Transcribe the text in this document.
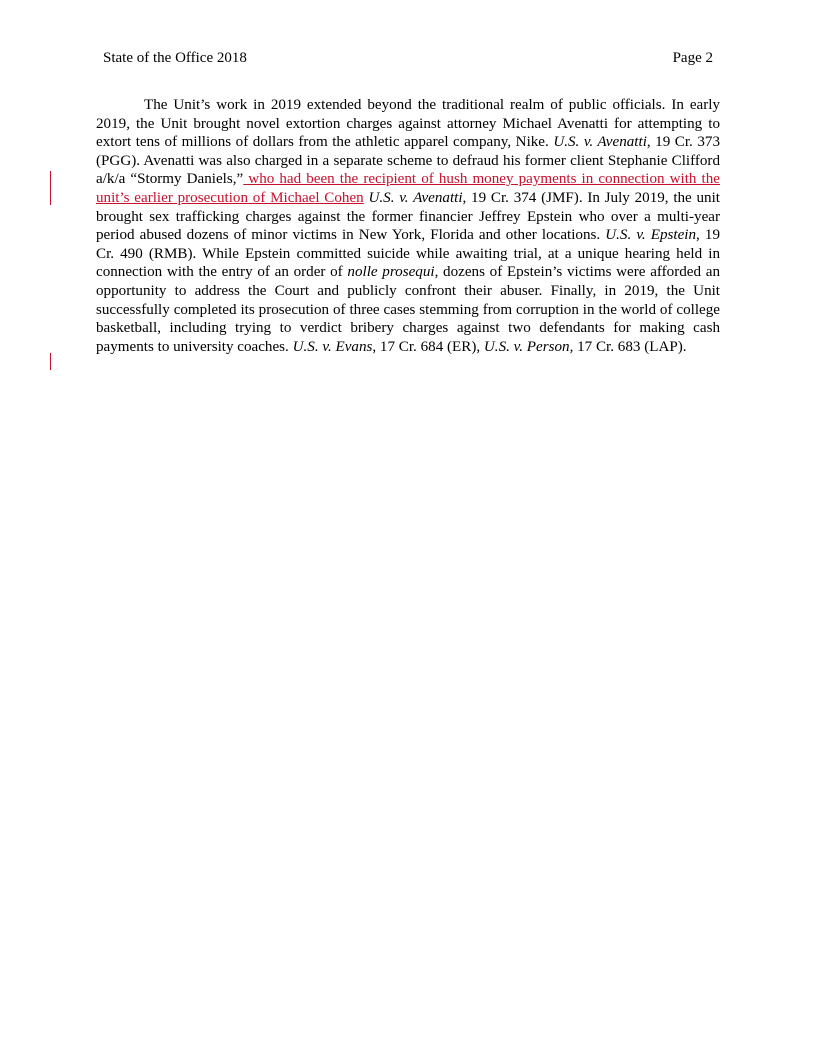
State of the Office 2018	Page 2

The Unit’s work in 2019 extended beyond the traditional realm of public officials. In early 2019, the Unit brought novel extortion charges against attorney Michael Avenatti for attempting to extort tens of millions of dollars from the athletic apparel company, Nike. U.S. v. Avenatti, 19 Cr. 373 (PGG). Avenatti was also charged in a separate scheme to defraud his former client Stephanie Clifford a/k/a “Stormy Daniels,” who had been the recipient of hush money payments in connection with the unit’s earlier prosecution of Michael Cohen U.S. v. Avenatti, 19 Cr. 374 (JMF). In July 2019, the unit brought sex trafficking charges against the former financier Jeffrey Epstein who over a multi-year period abused dozens of minor victims in New York, Florida and other locations. U.S. v. Epstein, 19 Cr. 490 (RMB). While Epstein committed suicide while awaiting trial, at a unique hearing held in connection with the entry of an order of nolle prosequi, dozens of Epstein’s victims were afforded an opportunity to address the Court and publicly confront their abuser. Finally, in 2019, the Unit successfully completed its prosecution of three cases stemming from corruption in the world of college basketball, including trying to verdict bribery charges against two defendants for making cash payments to university coaches. U.S. v. Evans, 17 Cr. 684 (ER), U.S. v. Person, 17 Cr. 683 (LAP).
